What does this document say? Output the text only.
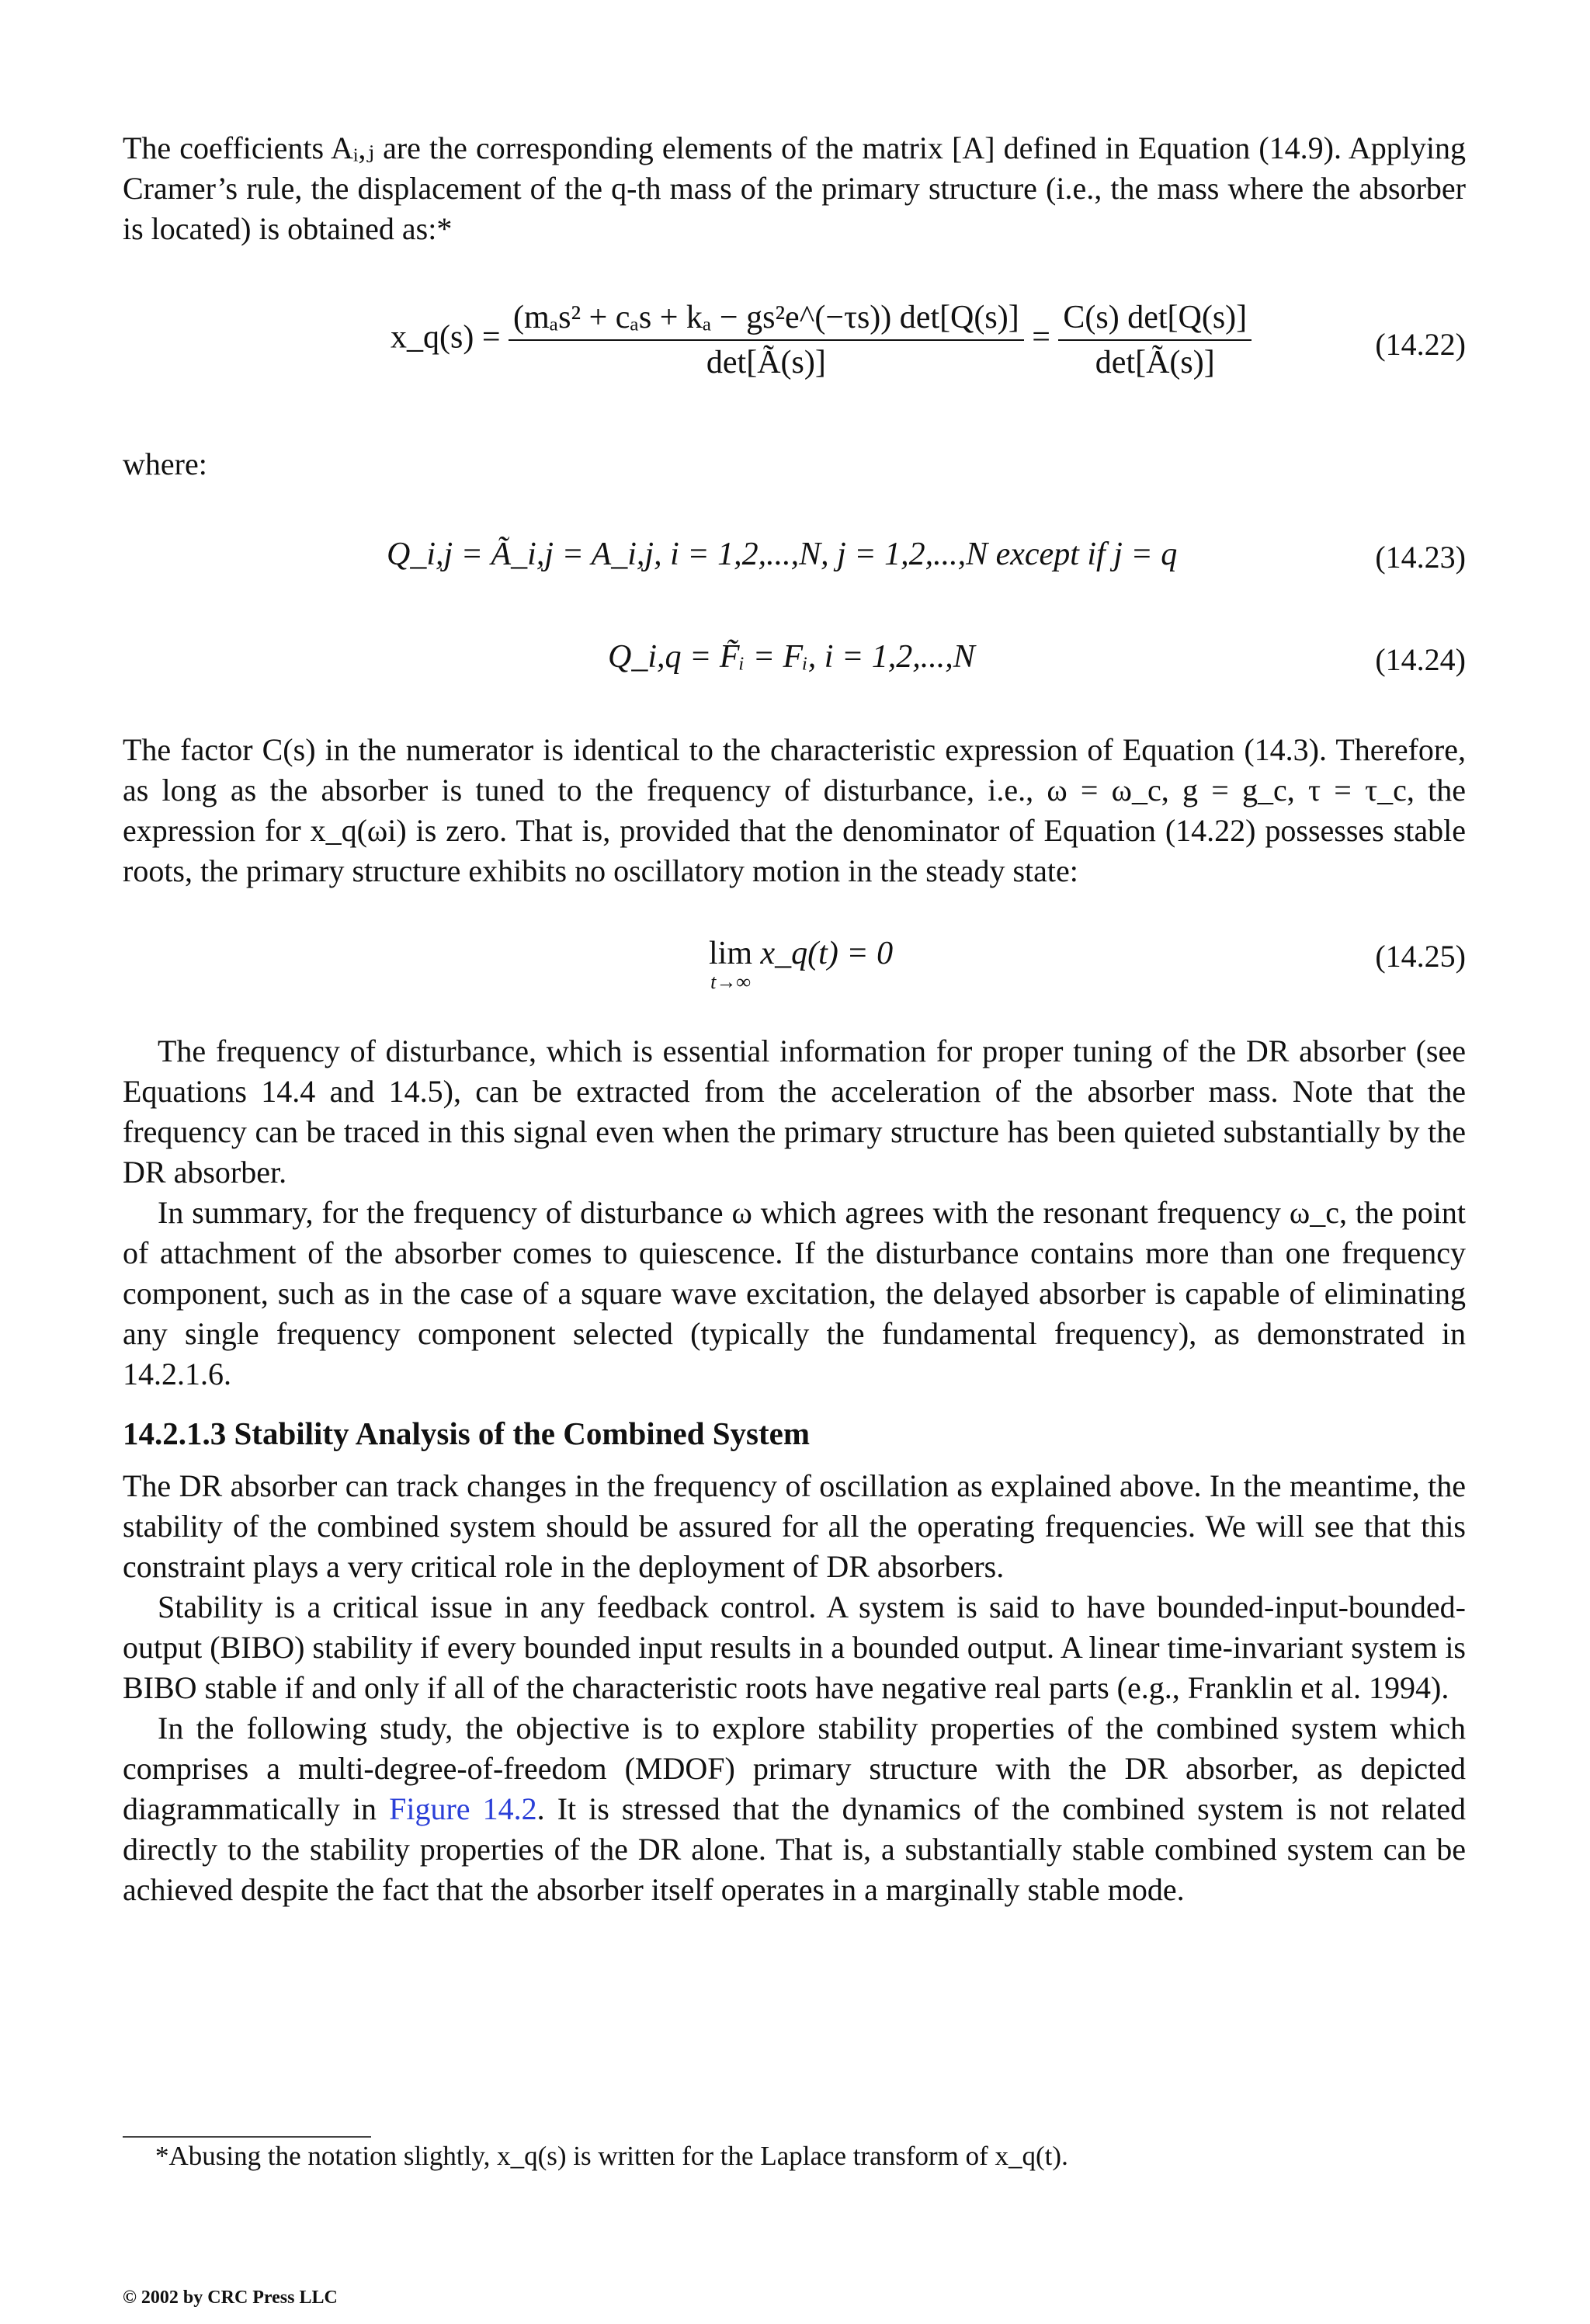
The coefficients Aᵢ,ⱼ are the corresponding elements of the matrix [A] defined in Equation (14.9). Applying Cramer’s rule, the displacement of the q-th mass of the primary structure (i.e., the mass where the absorber is located) is obtained as:*

x_q(s) = $\frac{\text{(mₐs² + cₐs + kₐ − gs²e\textasciicircum{}(−τs)) det[Q(s)]}}{\det[Ã(s)]} = \frac{C(s) \det[Q(s)]}{\det[Ã(s)]}$	(14.22)

where:

Q_i,j = Ã_i,j = A_i,j, i = 1,2,...,N, j = 1,2,...,N except if j = q	(14.23)
Q_i,q = F̃ᵢ = Fᵢ, i = 1,2,...,N	(14.24)

The factor C(s) in the numerator is identical to the characteristic expression of Equation (14.3). Therefore, as long as the absorber is tuned to the frequency of disturbance, i.e., ω = ω_c, g = g_c, τ = τ_c, the expression for x_q(ωi) is zero. That is, provided that the denominator of Equation (14.22) possesses stable roots, the primary structure exhibits no oscillatory motion in the steady state:

lim
t→∞
x_q(t) = 0	(14.25)

The frequency of disturbance, which is essential information for proper tuning of the DR absorber (see Equations 14.4 and 14.5), can be extracted from the acceleration of the absorber mass. Note that the frequency can be traced in this signal even when the primary structure has been quieted substantially by the DR absorber.

In summary, for the frequency of disturbance ω which agrees with the resonant frequency ω_c, the point of attachment of the absorber comes to quiescence. If the disturbance contains more than one frequency component, such as in the case of a square wave excitation, the delayed absorber is capable of eliminating any single frequency component selected (typically the fundamental frequency), as demonstrated in 14.2.1.6.

14.2.1.3 Stability Analysis of the Combined System

The DR absorber can track changes in the frequency of oscillation as explained above. In the meantime, the stability of the combined system should be assured for all the operating frequencies. We will see that this constraint plays a very critical role in the deployment of DR absorbers.

Stability is a critical issue in any feedback control. A system is said to have bounded-input-bounded-output (BIBO) stability if every bounded input results in a bounded output. A linear time-invariant system is BIBO stable if and only if all of the characteristic roots have negative real parts (e.g., Franklin et al. 1994).

In the following study, the objective is to explore stability properties of the combined system which comprises a multi-degree-of-freedom (MDOF) primary structure with the DR absorber, as depicted diagrammatically in Figure 14.2. It is stressed that the dynamics of the combined system is not related directly to the stability properties of the DR alone. That is, a substantially stable combined system can be achieved despite the fact that the absorber itself operates in a marginally stable mode.

*Abusing the notation slightly, x_q(s) is written for the Laplace transform of x_q(t).
© 2002 by CRC Press LLC
